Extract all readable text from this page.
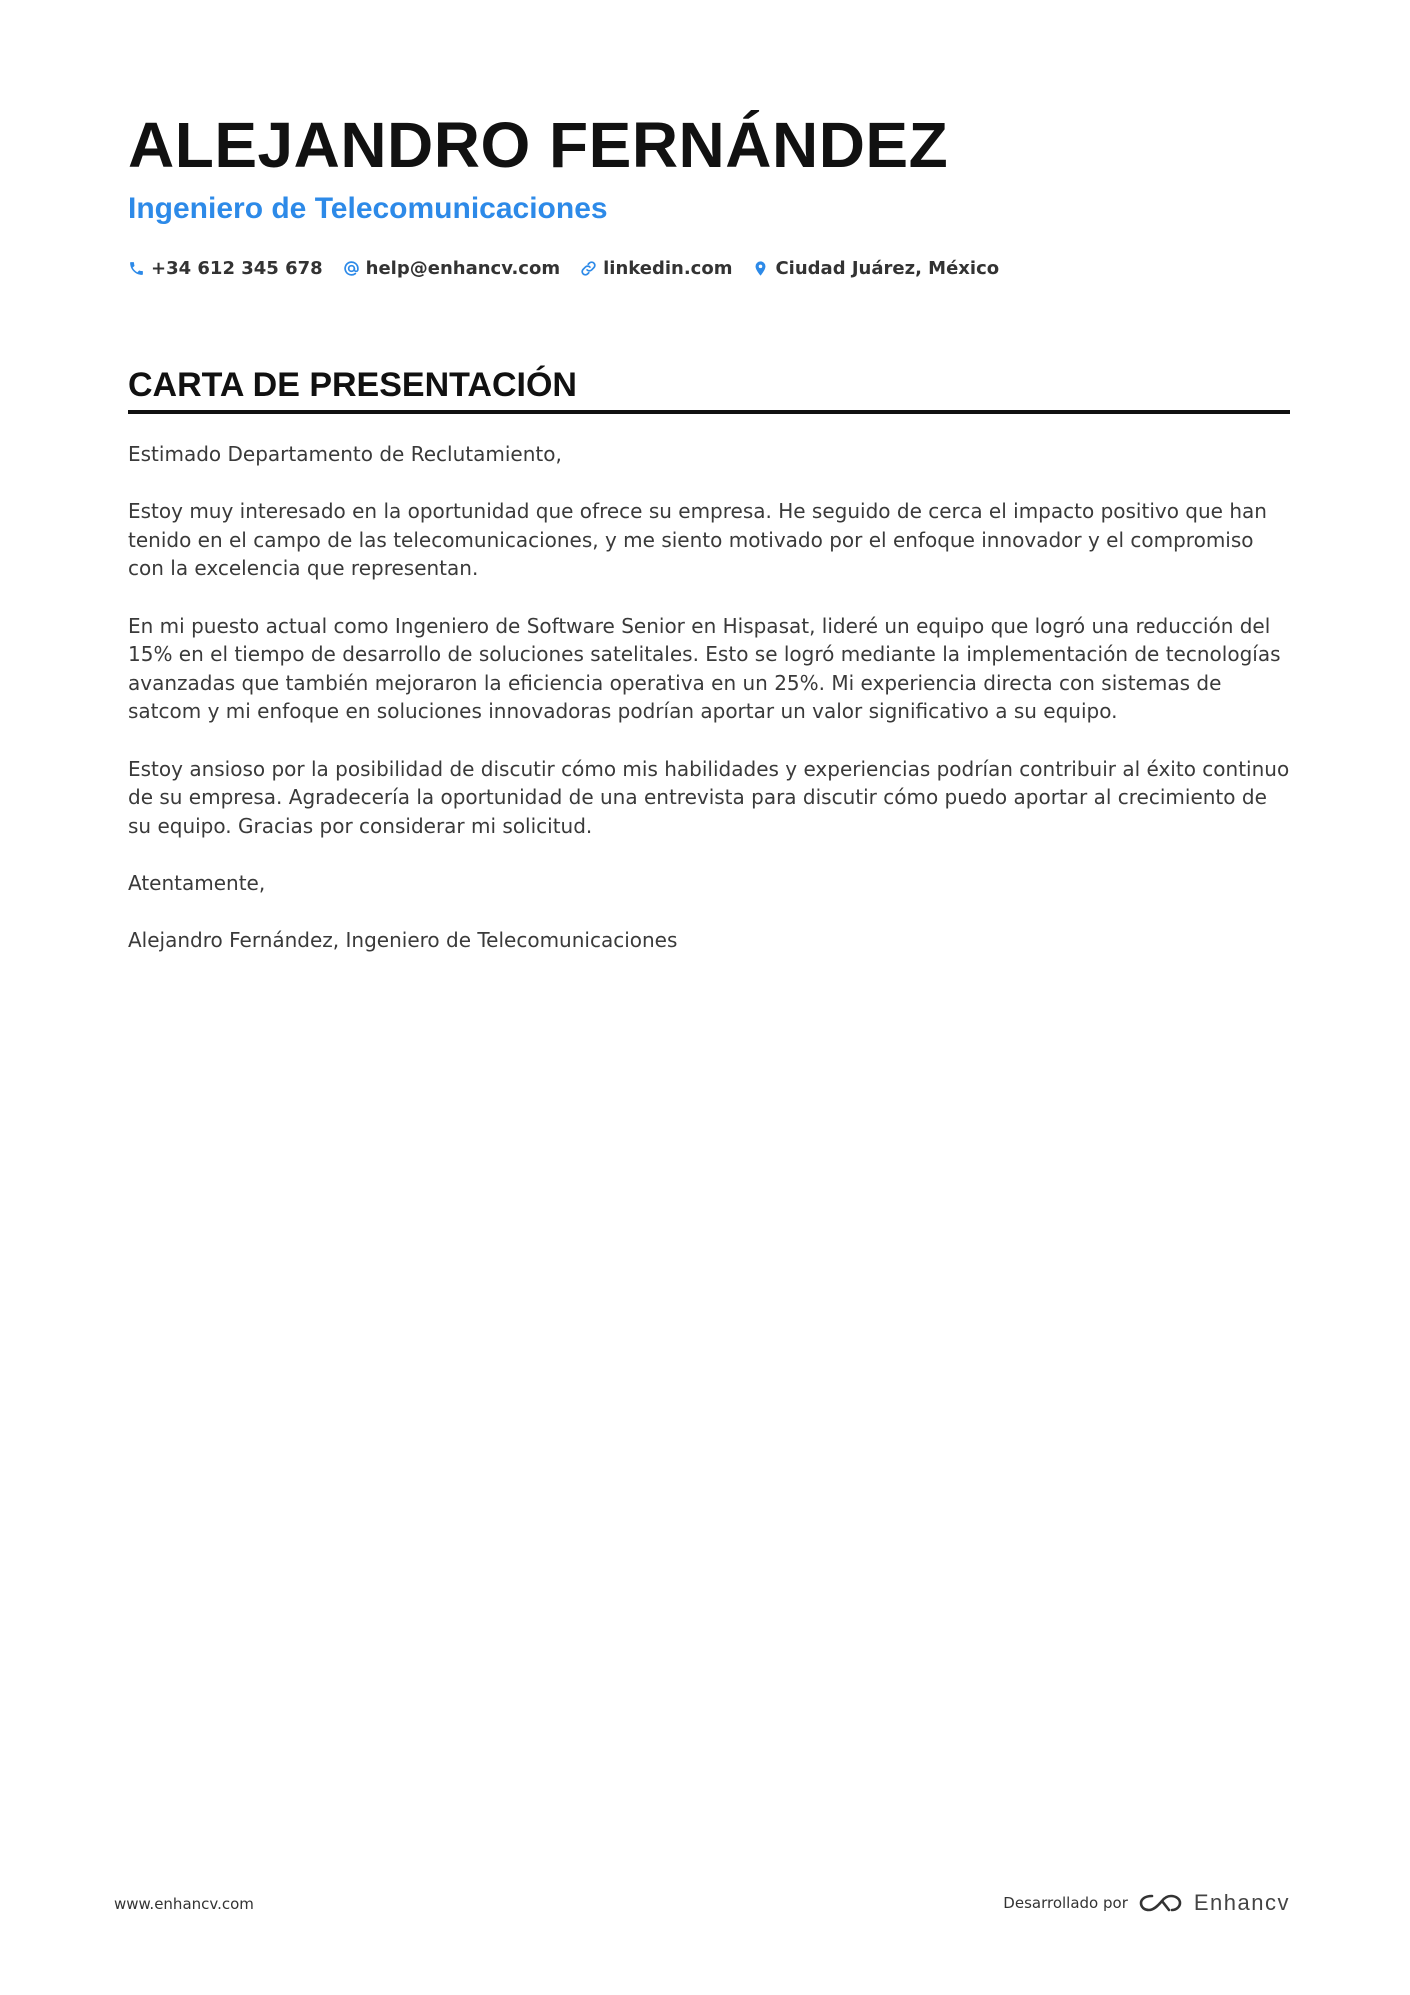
ALEJANDRO FERNÁNDEZ
Ingeniero de Telecomunicaciones
+34 612 345 678 help@enhancv.com linkedin.com Ciudad Juárez, México
CARTA DE PRESENTACIÓN

Estimado Departamento de Reclutamiento,

Estoy muy interesado en la oportunidad que ofrece su empresa. He seguido de cerca el impacto positivo que han tenido en el campo de las telecomunicaciones, y me siento motivado por el enfoque innovador y el compromiso con la excelencia que representan.

En mi puesto actual como Ingeniero de Software Senior en Hispasat, lideré un equipo que logró una reducción del 15% en el tiempo de desarrollo de soluciones satelitales. Esto se logró mediante la implementación de tecnologías avanzadas que también mejoraron la eficiencia operativa en un 25%. Mi experiencia directa con sistemas de satcom y mi enfoque en soluciones innovadoras podrían aportar un valor significativo a su equipo.

Estoy ansioso por la posibilidad de discutir cómo mis habilidades y experiencias podrían contribuir al éxito continuo de su empresa. Agradecería la oportunidad de una entrevista para discutir cómo puedo aportar al crecimiento de su equipo. Gracias por considerar mi solicitud.

Atentamente,

Alejandro Fernández, Ingeniero de Telecomunicaciones

www.enhancv.com	Desarrollado por	Enhancv
